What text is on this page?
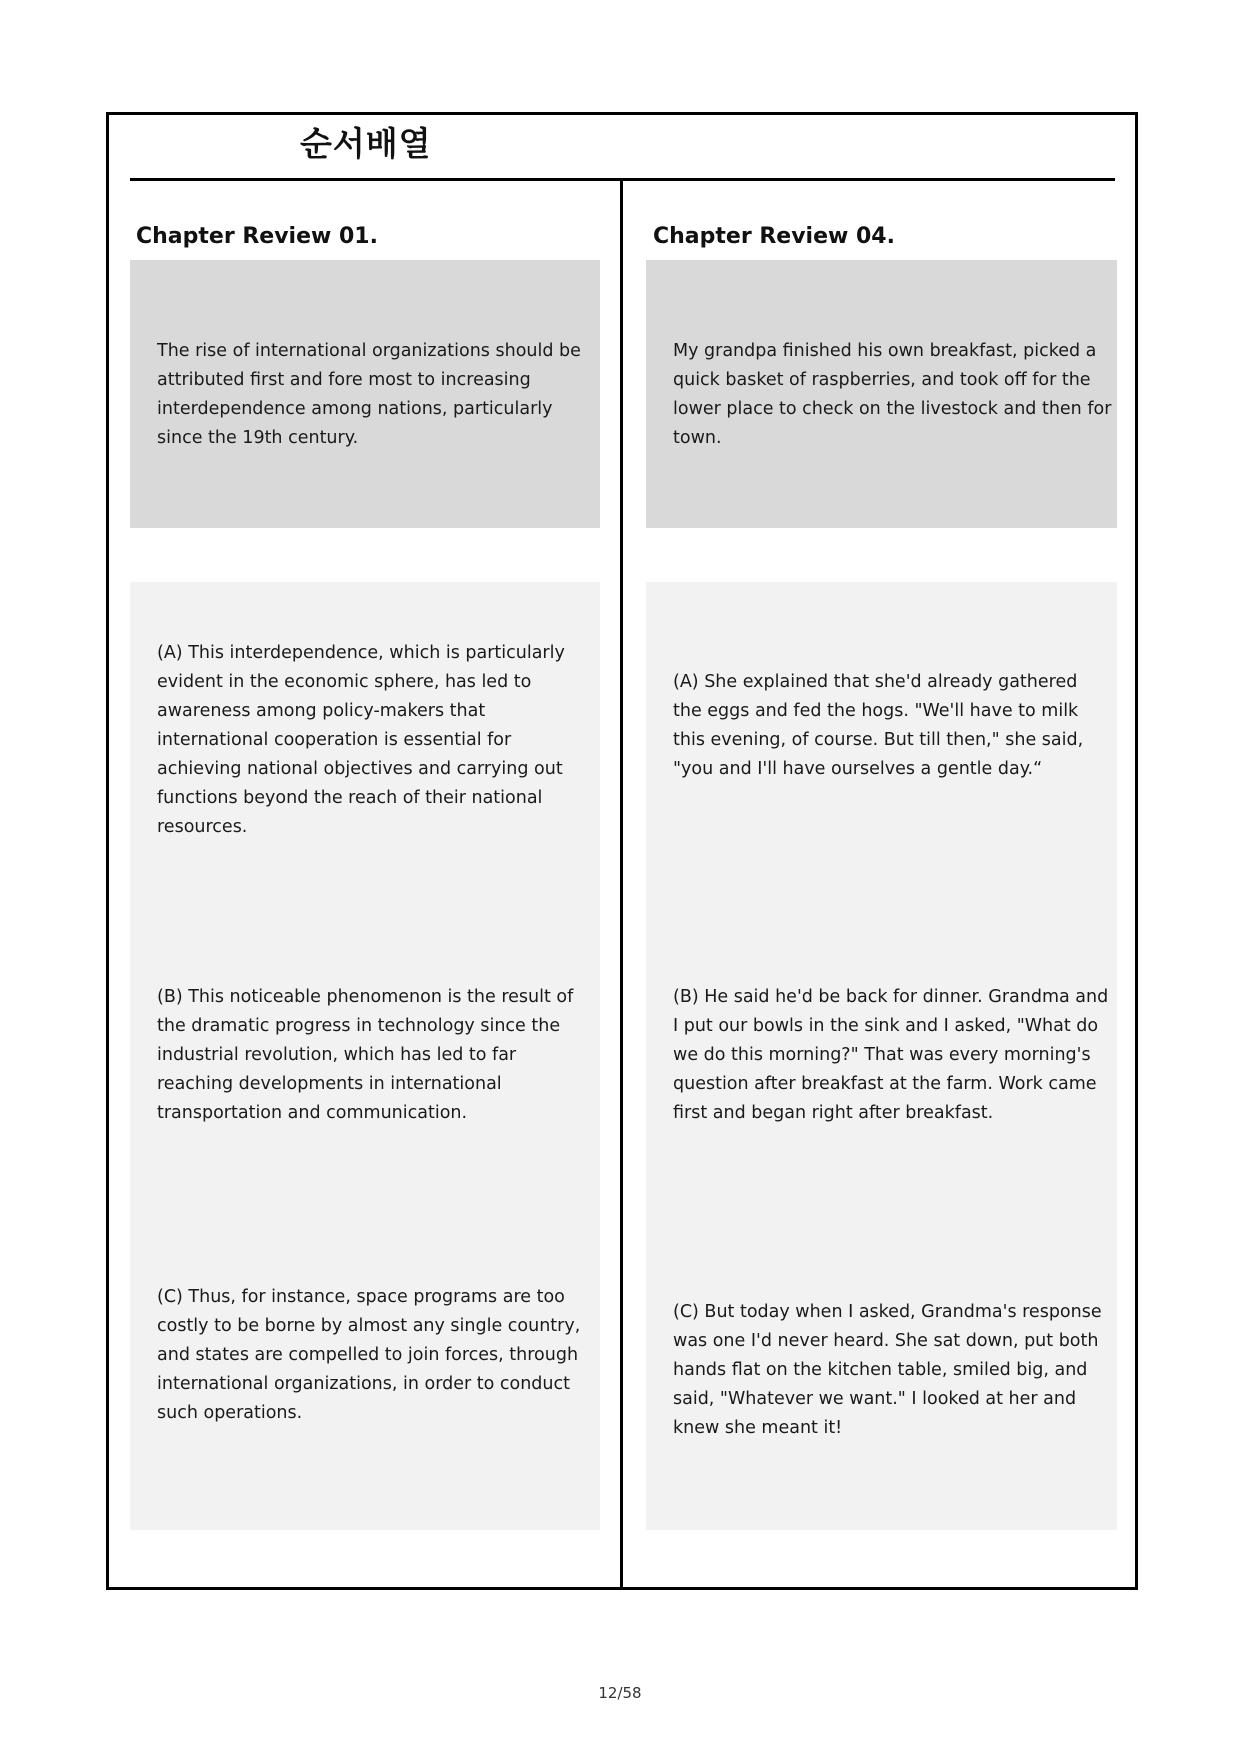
순서배열
Chapter Review 01.

The rise of international organizations should be attributed first and fore most to increasing interdependence among nations, particularly since the 19th century.

(A) This interdependence, which is particularly evident in the economic sphere, has led to awareness among policy-makers that international cooperation is essential for achieving national objectives and carrying out functions beyond the reach of their national resources.

(B) This noticeable phenomenon is the result of the dramatic progress in technology since the industrial revolution, which has led to far reaching developments in international transportation and communication.

(C) Thus, for instance, space programs are too costly to be borne by almost any single country, and states are compelled to join forces, through international organizations, in order to conduct such operations.

Chapter Review 04.

My grandpa finished his own breakfast, picked a quick basket of raspberries, and took off for the lower place to check on the livestock and then for town.

(A) She explained that she'd already gathered the eggs and fed the hogs. "We'll have to milk this evening, of course. But till then," she said, "you and I'll have ourselves a gentle day.“

(B) He said he'd be back for dinner. Grandma and I put our bowls in the sink and I asked, "What do we do this morning?" That was every morning's question after breakfast at the farm. Work came first and began right after breakfast.

(C) But today when I asked, Grandma's response was one I'd never heard. She sat down, put both hands flat on the kitchen table, smiled big, and said, "Whatever we want." I looked at her and knew she meant it!

12/58
